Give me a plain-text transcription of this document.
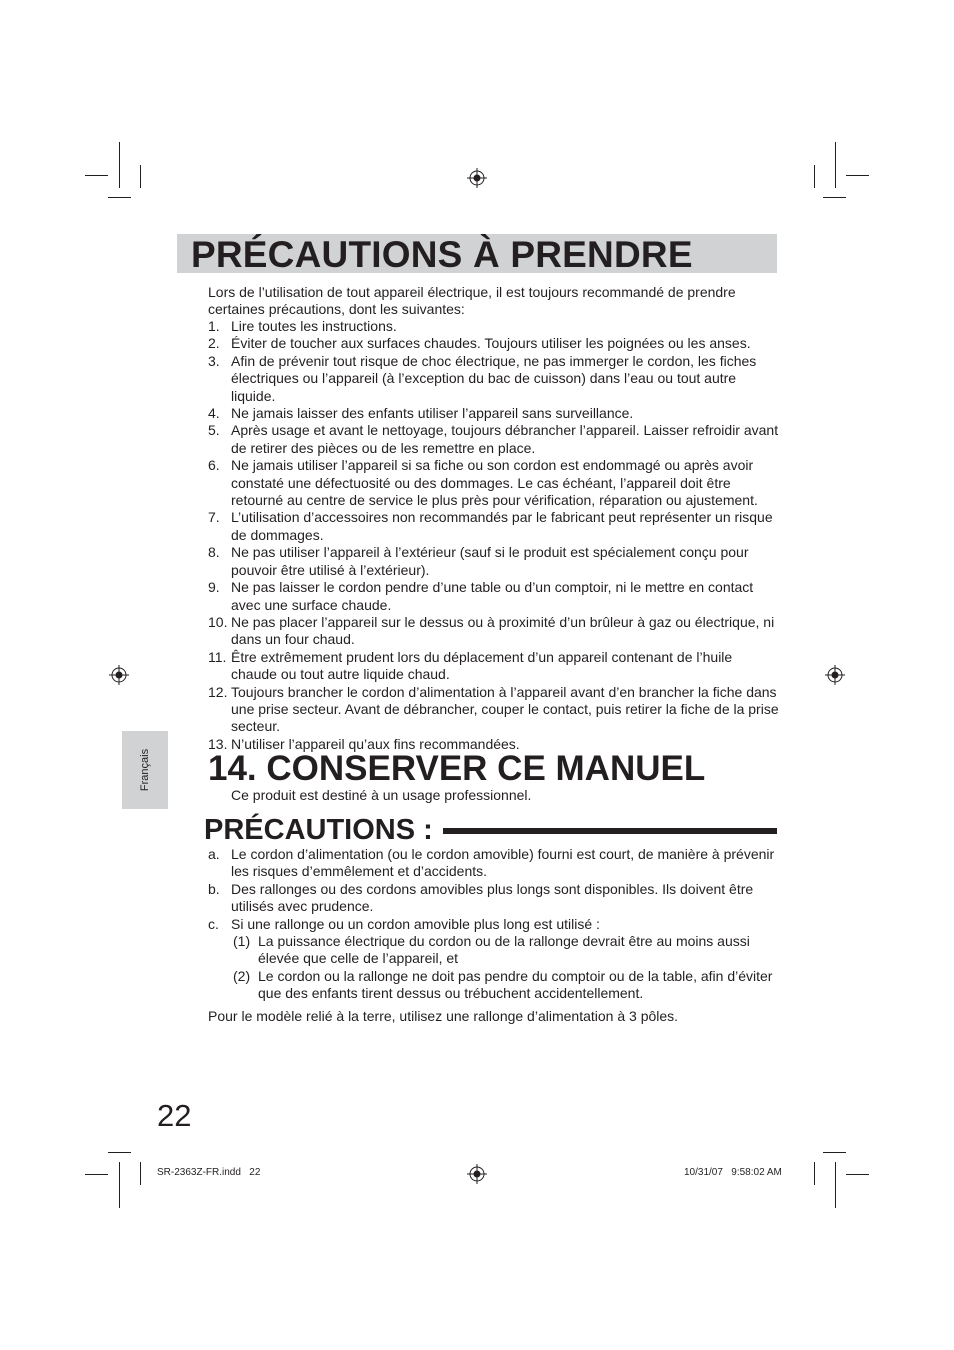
PRÉCAUTIONS À PRENDRE

Lors de l’utilisation de tout appareil électrique, il est toujours recommandé de prendre certaines précautions, dont les suivantes:

1. Lire toutes les instructions.
2. Éviter de toucher aux surfaces chaudes. Toujours utiliser les poignées ou les anses.
3. Afin de prévenir tout risque de choc électrique, ne pas immerger le cordon, les fiches électriques ou l’appareil (à l’exception du bac de cuisson) dans l’eau ou tout autre liquide.
4. Ne jamais laisser des enfants utiliser l’appareil sans surveillance.
5. Après usage et avant le nettoyage, toujours débrancher l’appareil. Laisser refroidir avant de retirer des pièces ou de les remettre en place.
6. Ne jamais utiliser l’appareil si sa fiche ou son cordon est endommagé ou après avoir constaté une défectuosité ou des dommages. Le cas échéant, l’appareil doit être retourné au centre de service le plus près pour vérification, réparation ou ajustement.
7. L’utilisation d’accessoires non recommandés par le fabricant peut représenter un risque de dommages.
8. Ne pas utiliser l’appareil à l’extérieur (sauf si le produit est spécialement conçu pour pouvoir être utilisé à l’extérieur).
9. Ne pas laisser le cordon pendre d’une table ou d’un comptoir, ni le mettre en contact avec une surface chaude.
10. Ne pas placer l’appareil sur le dessus ou à proximité d’un brûleur à gaz ou électrique, ni dans un four chaud.
11. Être extrêmement prudent lors du déplacement d’un appareil contenant de l’huile chaude ou tout autre liquide chaud.
12. Toujours brancher le cordon d’alimentation à l’appareil avant d’en brancher la fiche dans une prise secteur. Avant de débrancher, couper le contact, puis retirer la fiche de la prise secteur.
13. N’utiliser l’appareil qu’aux fins recommandées.
14. CONSERVER CE MANUEL
Ce produit est destiné à un usage professionnel.
PRÉCAUTIONS :
a. Le cordon d’alimentation (ou le cordon amovible) fourni est court, de manière à prévenir les risques d’emmêlement et d’accidents.
b. Des rallonges ou des cordons amovibles plus longs sont disponibles. Ils doivent être utilisés avec prudence.
c. Si une rallonge ou un cordon amovible plus long est utilisé :
(1) La puissance électrique du cordon ou de la rallonge devrait être au moins aussi élevée que celle de l’appareil, et
(2) Le cordon ou la rallonge ne doit pas pendre du comptoir ou de la table, afin d’éviter que des enfants tirent dessus ou trébuchent accidentellement.
Pour le modèle relié à la terre, utilisez une rallonge d’alimentation à 3 pôles.
Français
22
SR-2363Z-FR.indd   22	10/31/07   9:58:02 AM
